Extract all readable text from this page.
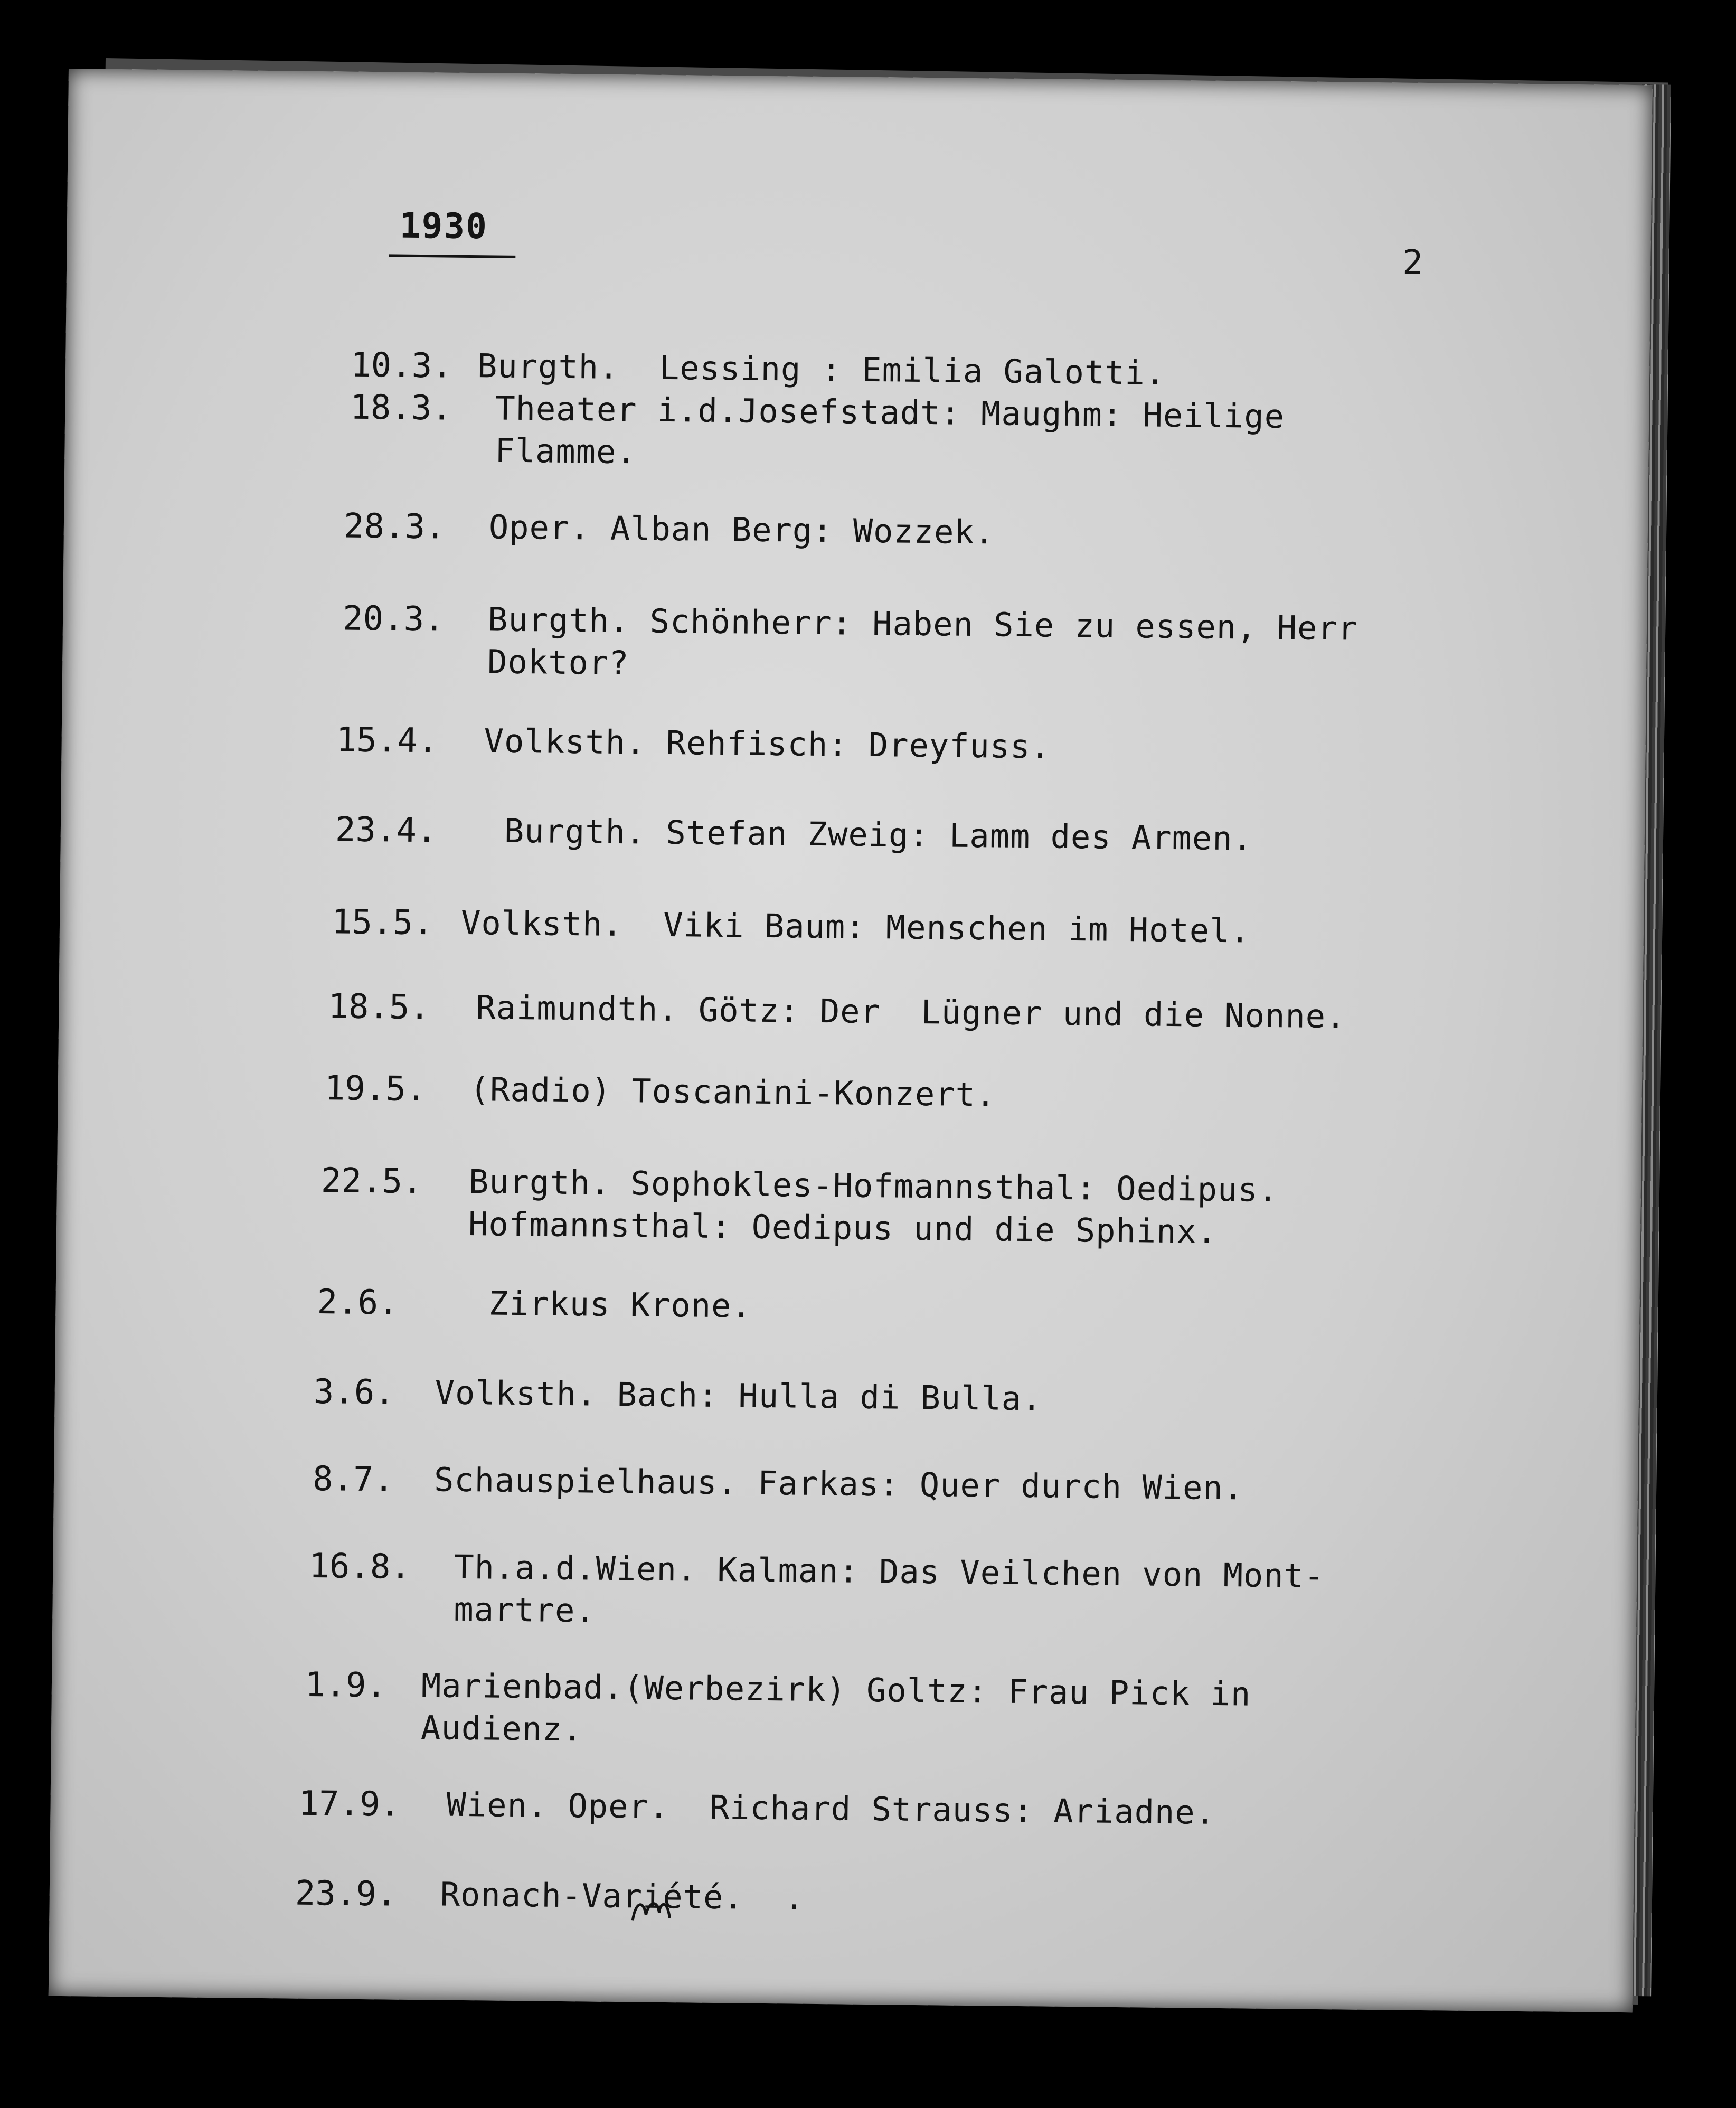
1930
2
10.3. Burgth.  Lessing : Emilia Galotti.
18.3. Theater i.d.Josefstadt: Maughm: Heilige
Flamme.
28.3. Oper. Alban Berg: Wozzek.
20.3. Burgth. Schönherr: Haben Sie zu essen, Herr
Doktor?
15.4. Volksth. Rehfisch: Dreyfuss.
23.4. Burgth. Stefan Zweig: Lamm des Armen.
15.5. Volksth.  Viki Baum: Menschen im Hotel.
18.5. Raimundth. Götz: Der  Lügner und die Nonne.
19.5. (Radio) Toscanini-Konzert.
22.5. Burgth. Sophokles-Hofmannsthal: Oedipus.
Hofmannsthal: Oedipus und die Sphinx.
2.6.	Zirkus Krone.
3.6. Volksth. Bach: Hulla di Bulla.
8.7. Schauspielhaus. Farkas: Quer durch Wien.
16.8. Th.a.d.Wien. Kalman: Das Veilchen von Mont-
martre.
1.9. Marienbad.(Werbezirk) Goltz: Frau Pick in
Audienz.
17.9. Wien. Oper.  Richard Strauss: Ariadne.
23.9. Ronach-Variété.  .
